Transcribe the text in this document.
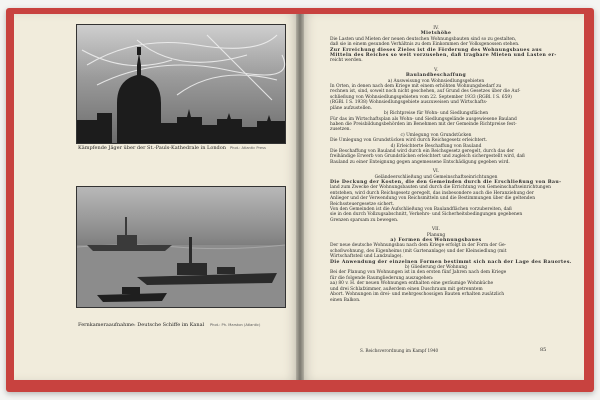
Kämpfende Jäger über der St.-Pauls-Kathedrale in London Phot.: Atlantic Press
Fernkameraaufnahme: Deutsche Schiffe im Kanal Phot.: Ph. Marston (Atlantic)
IV.
Mietshöhe
Die Lasten und Mieten der neuen deutschen Wohnungsbauten sind so zu gestalten,
daß sie in einem gesunden Verhältnis zu dem Einkommen der Volksgenossen stehen.
Zur Erreichung dieses Zieles ist die Förderung des Wohnungsbaues aus
Mitteln des Reiches so weit vorzusehen, daß tragbare Mieten und Lasten er-
reicht werden.
V.
Baulandbeschaffung
a) Ausweisung von Wohnsiedlungsgebieten
In Orten, in denen nach dem Kriege mit einem erhöhten Wohnungsbedarf zu
rechnen ist, sind, soweit noch nicht geschehen, auf Grund des Gesetzes über die Auf-
schließung von Wohnsiedlungsgebieten vom 22. September 1933 (RGBl. I S. 659)
(RGBl. I S. 1938) Wohnsiedlungsgebiete auszuweisen und Wirtschafts-
pläne aufzustellen.
b) Richtpreise für Wohn- und Siedlungsflächen
Für das im Wirtschaftsplan als Wohn- und Siedlungsgelände ausgewiesene Bauland
haben die Preisbildungsbehörden im Benehmen mit der Gemeinde Richtpreise fest-
zusetzen.
c) Umlegung von Grundstücken
Die Umlegung von Grundstücken wird durch Reichsgesetz erleichtert.
d) Erleichterte Beschaffung von Bauland
Die Beschaffung von Bauland wird durch ein Reichsgesetz geregelt, durch das der
freihändige Erwerb von Grundstücken erleichtert und zugleich sichergestellt wird, daß
Bauland zu einer Enteignung gegen angemessene Entschädigung gegeben wird.
VI.
Geländeerschließung und Gemeinschaftseinrichtungen
Die Deckung der Kosten, die den Gemeinden durch die Erschließung von Bau-
land zum Zwecke der Wohnungsbauten und durch die Errichtung von Gemeinschaftseinrichtungen
entstehen, wird durch Reichsgesetz geregelt, das insbesondere auch die Heranziehung der
Anlieger und der Verwendung von Reichsmitteln und die Bestimmungen über die geltenden
Reichssteuergesetze sichert.
Von den Gemeinden ist die Aufschließung von Baulandflächen vorzubereiten, daß
sie in den durch Vollzugsabschnitt, Verkehrs- und Sicherheitsbedingungen gegebenen
Grenzen sparsam zu bewegen.
VII.
Planung
a) Formen des Wohnungsbaues
Der neue deutsche Wohnungsbau nach dem Kriege erfolgt in der Form der Ge-
schoßwohnung, des Eigenheims (mit Gartenanlage) und der Kleinsiedlung (mit
Wirtschaftsteil und Landzulage).
Die Anwendung der einzelnen Formen bestimmt sich nach der Lage des Bauortes.
b) Gliederung der Wohnung
Bei der Planung von Wohnungen ist in den ersten fünf Jahren nach dem Kriege
für die folgende Raumgliederung auszugehen:
aa) 80 v. H. der neuen Wohnungen enthalten eine geräumige Wohnküche
und drei Schlafzimmer, außerdem einen Duschraum mit getrenntem
Abort. Wohnungen im drei- und mehrgeschossigen Bauten erhalten zusätzlich
einen Balkon.
S. Reichsverordnung im Kampf 1940	85
